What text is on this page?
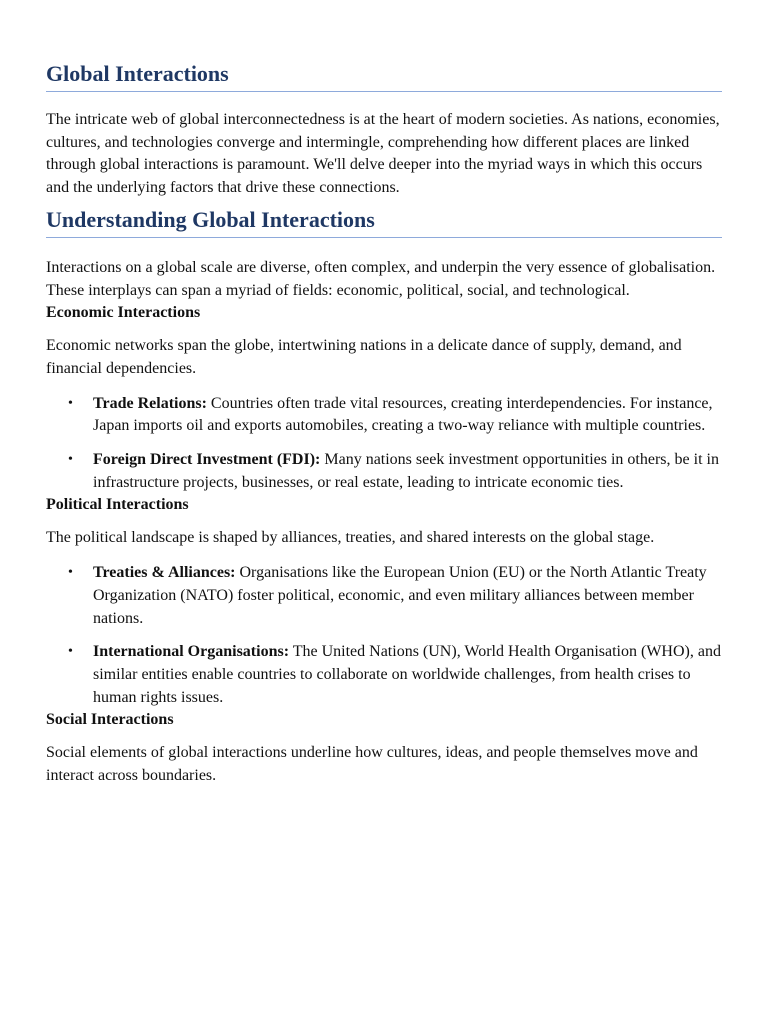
Global Interactions

The intricate web of global interconnectedness is at the heart of modern societies. As nations, economies, cultures, and technologies converge and intermingle, comprehending how different places are linked through global interactions is paramount. We'll delve deeper into the myriad ways in which this occurs and the underlying factors that drive these connections.

Understanding Global Interactions

Interactions on a global scale are diverse, often complex, and underpin the very essence of globalisation. These interplays can span a myriad of fields: economic, political, social, and technological.

Economic Interactions

Economic networks span the globe, intertwining nations in a delicate dance of supply, demand, and financial dependencies.

• Trade Relations: Countries often trade vital resources, creating interdependencies. For instance, Japan imports oil and exports automobiles, creating a two-way reliance with multiple countries.
• Foreign Direct Investment (FDI): Many nations seek investment opportunities in others, be it in infrastructure projects, businesses, or real estate, leading to intricate economic ties.
Political Interactions

The political landscape is shaped by alliances, treaties, and shared interests on the global stage.

• Treaties & Alliances: Organisations like the European Union (EU) or the North Atlantic Treaty Organization (NATO) foster political, economic, and even military alliances between member nations.
• International Organisations: The United Nations (UN), World Health Organisation (WHO), and similar entities enable countries to collaborate on worldwide challenges, from health crises to human rights issues.
Social Interactions

Social elements of global interactions underline how cultures, ideas, and people themselves move and interact across boundaries.
